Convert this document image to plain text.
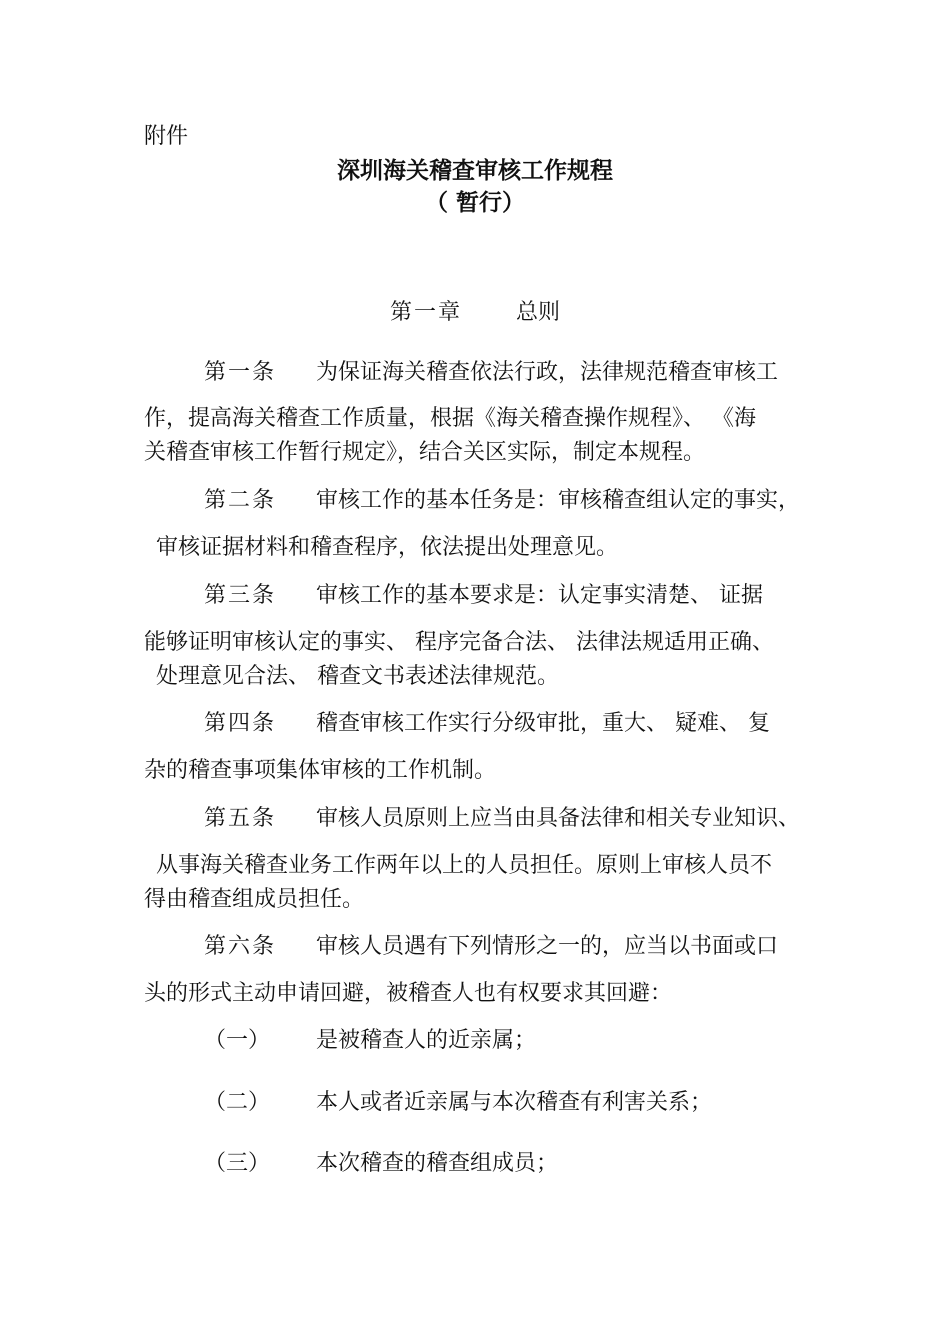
附件
深圳海关稽查审核工作规程
（ 暂行）
第一章 总则
第一条 为保证海关稽查依法行政，法律规范稽查审核工
作，提高海关稽查工作质量，根据《海关稽查操作规程》、 《海
关稽查审核工作暂行规定》，结合关区实际，制定本规程。
第二条 审核工作的基本任务是：审核稽查组认定的事实，
审核证据材料和稽查程序，依法提出处理意见。
第三条 审核工作的基本要求是：认定事实清楚、 证据
能够证明审核认定的事实、 程序完备合法、 法律法规适用正确、
处理意见合法、 稽查文书表述法律规范。
第四条 稽查审核工作实行分级审批，重大、 疑难、 复
杂的稽查事项集体审核的工作机制。
第五条 审核人员原则上应当由具备法律和相关专业知识、
从事海关稽查业务工作两年以上的人员担任。原则上审核人员不
得由稽查组成员担任。
第六条 审核人员遇有下列情形之一的，应当以书面或口
头的形式主动申请回避，被稽查人也有权要求其回避：
（一） 是被稽查人的近亲属；
（二） 本人或者近亲属与本次稽查有利害关系；
（三） 本次稽查的稽查组成员；
